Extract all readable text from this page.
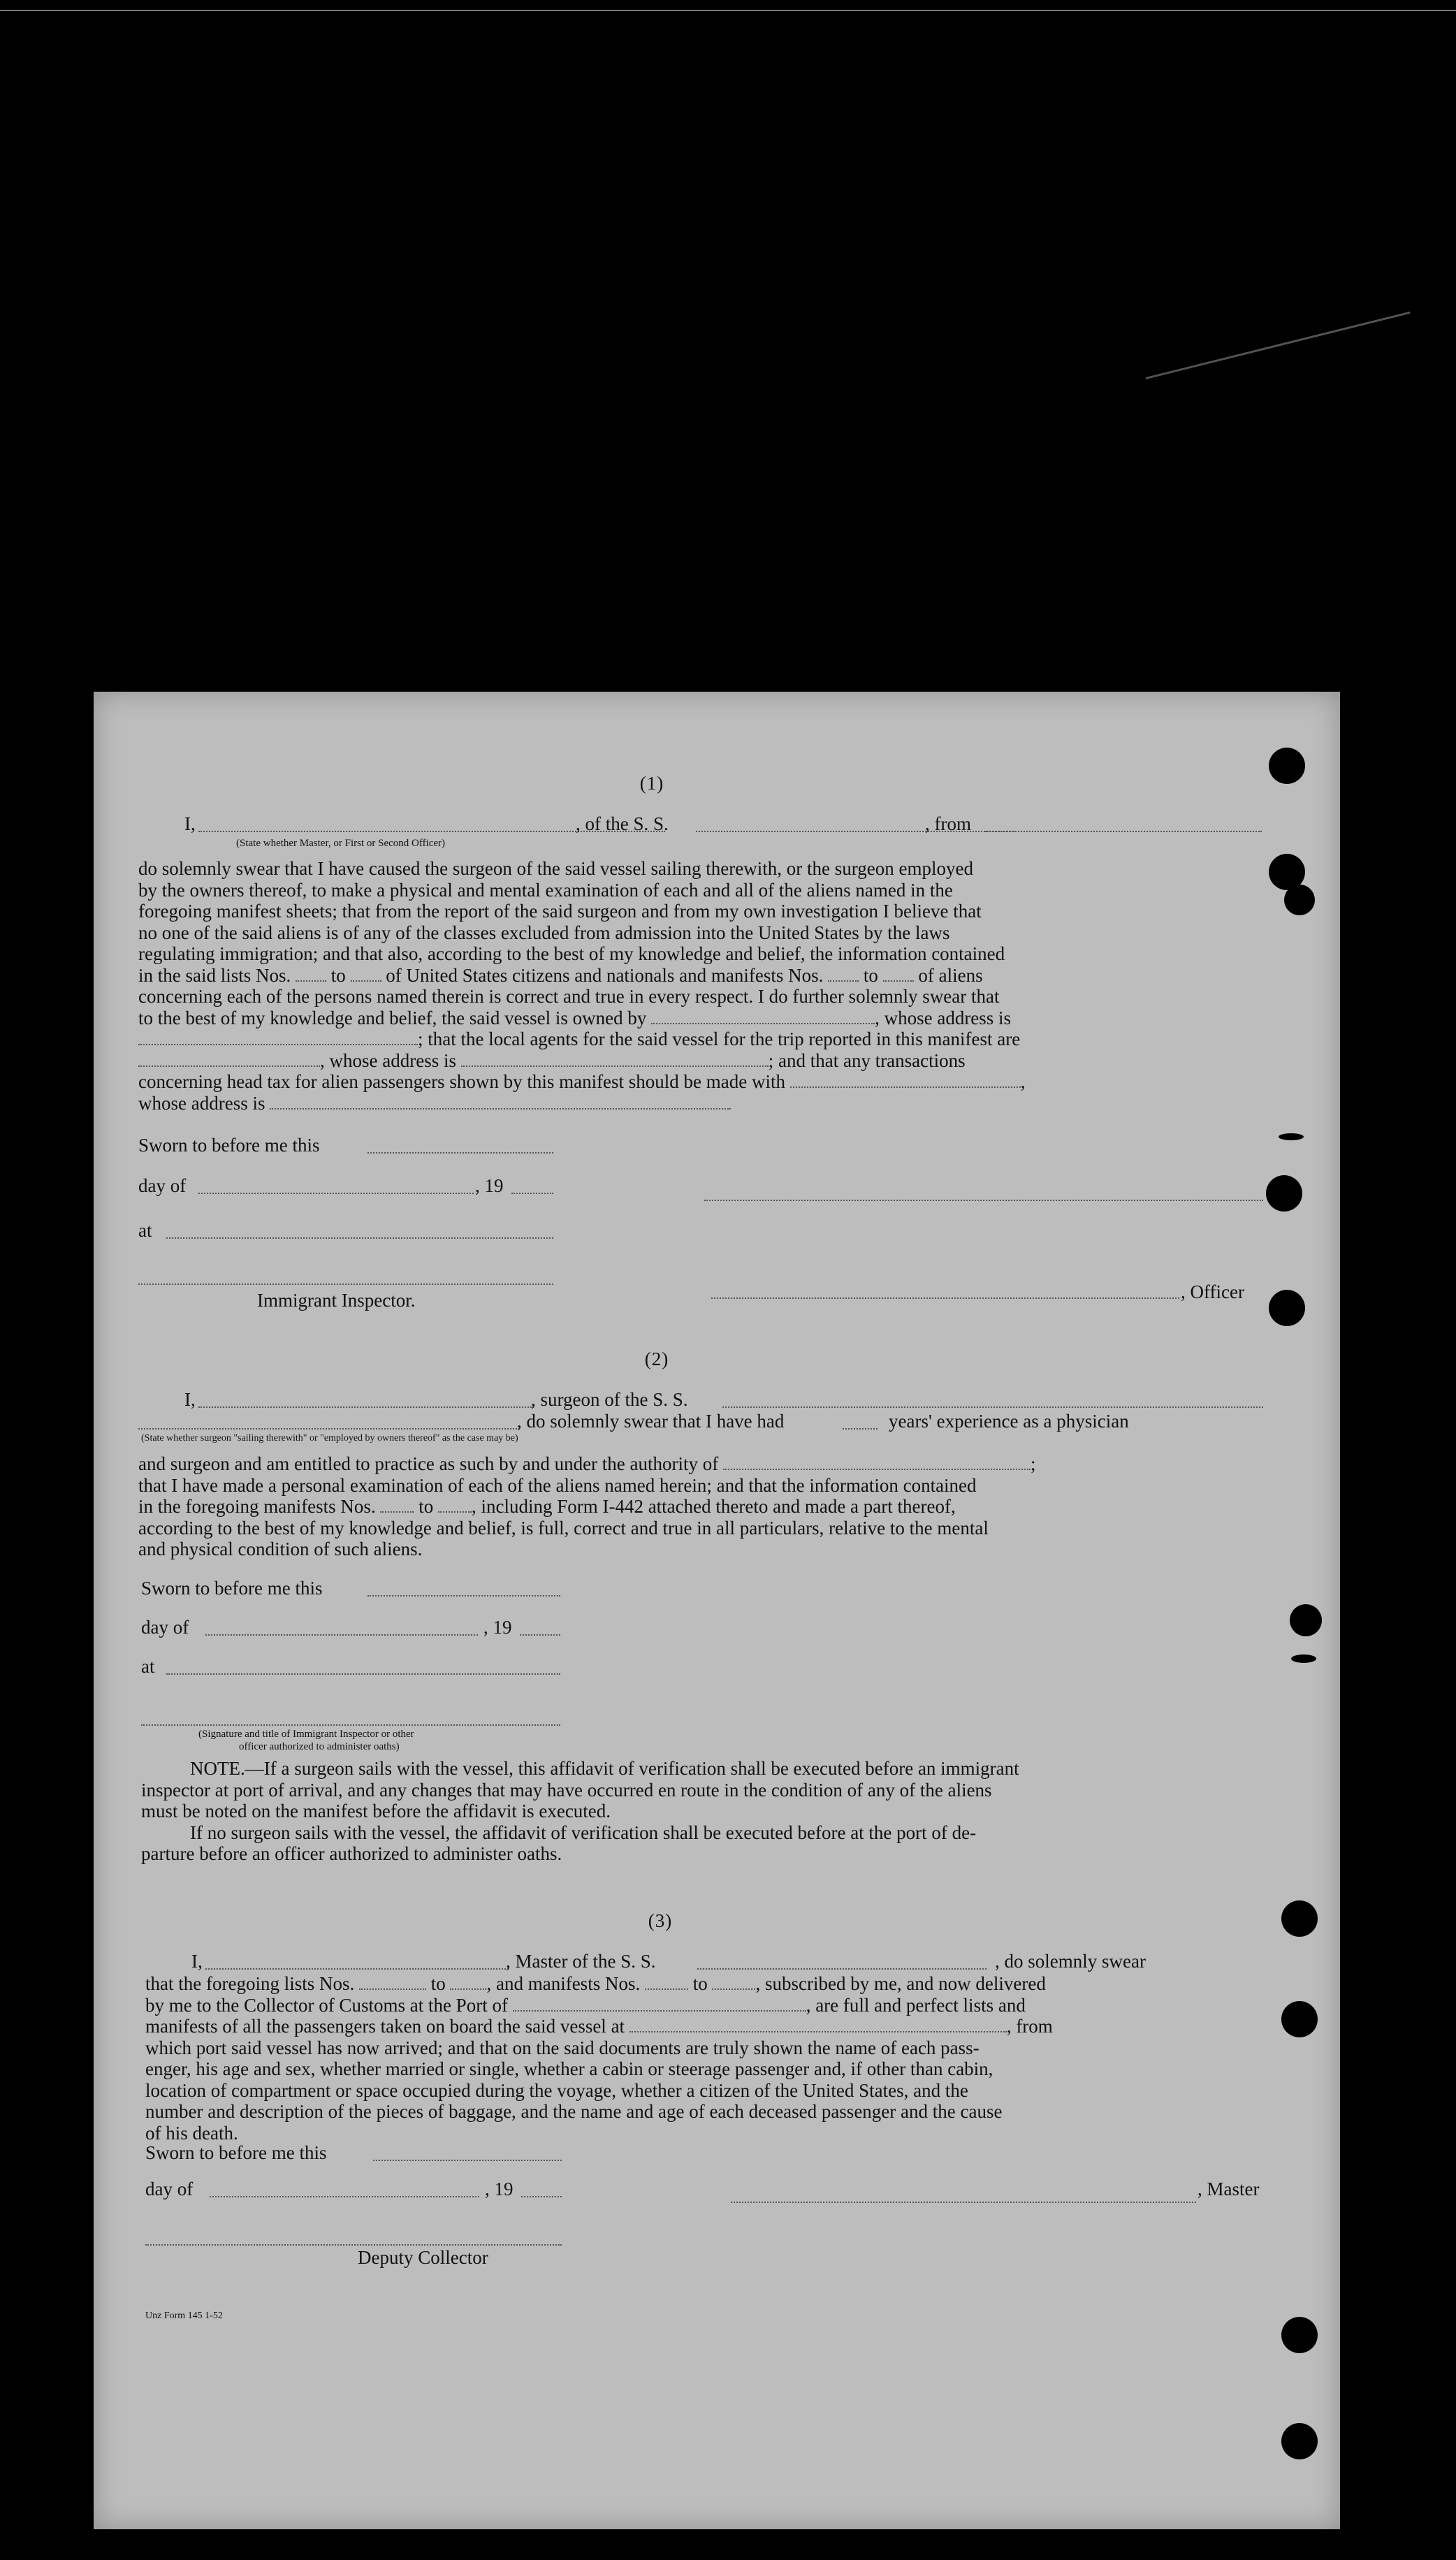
(1)
I,	, of the S. S.	, from
(State whether Master, or First or Second Officer)
do solemnly swear that I have caused the surgeon of the said vessel sailing therewith, or the surgeon employed
by the owners thereof, to make a physical and mental examination of each and all of the aliens named in the
foregoing manifest sheets; that from the report of the said surgeon and from my own investigation I believe that
no one of the said aliens is of any of the classes excluded from admission into the United States by the laws
regulating immigration; and that also, according to the best of my knowledge and belief, the information contained
in the said lists Nos. to of United States citizens and nationals and manifests Nos. to of aliens
concerning each of the persons named therein is correct and true in every respect. I do further solemnly swear that
to the best of my knowledge and belief, the said vessel is owned by	, whose address is
; that the local agents for the said vessel for the trip reported in this manifest are
, whose address is	; and that any transactions
concerning head tax for alien passengers shown by this manifest should be made with	,
whose address is
Sworn to before me this
day of	, 19
at
Immigrant Inspector.	, Officer
(2)
I,	, surgeon of the S. S.
, do solemnly swear that I have had	years' experience as a physician
(State whether surgeon "sailing therewith" or "employed by owners thereof" as the case may be)
and surgeon and am entitled to practice as such by and under the authority of	;
that I have made a personal examination of each of the aliens named herein; and that the information contained
in the foregoing manifests Nos. to , including Form I-442 attached thereto and made a part thereof,
according to the best of my knowledge and belief, is full, correct and true in all particulars, relative to the mental
and physical condition of such aliens.
Sworn to before me this
day of	, 19
at
(Signature and title of Immigrant Inspector or other
officer authorized to administer oaths)
NOTE.—If a surgeon sails with the vessel, this affidavit of verification shall be executed before an immigrant
inspector at port of arrival, and any changes that may have occurred en route in the condition of any of the aliens
must be noted on the manifest before the affidavit is executed.
If no surgeon sails with the vessel, the affidavit of verification shall be executed before at the port of de-
parture before an officer authorized to administer oaths.
(3)
I,	, Master of the S. S.	, do solemnly swear
that the foregoing lists Nos.	to , and manifests Nos.	to	, subscribed by me, and now delivered
by me to the Collector of Customs at the Port of	, are full and perfect lists and
manifests of all the passengers taken on board the said vessel at	, from
which port said vessel has now arrived; and that on the said documents are truly shown the name of each pass-
enger, his age and sex, whether married or single, whether a cabin or steerage passenger and, if other than cabin,
location of compartment or space occupied during the voyage, whether a citizen of the United States, and the
number and description of the pieces of baggage, and the name and age of each deceased passenger and the cause
of his death.
Sworn to before me this
day of	, 19	, Master
Deputy Collector
Unz Form 145 1-52
